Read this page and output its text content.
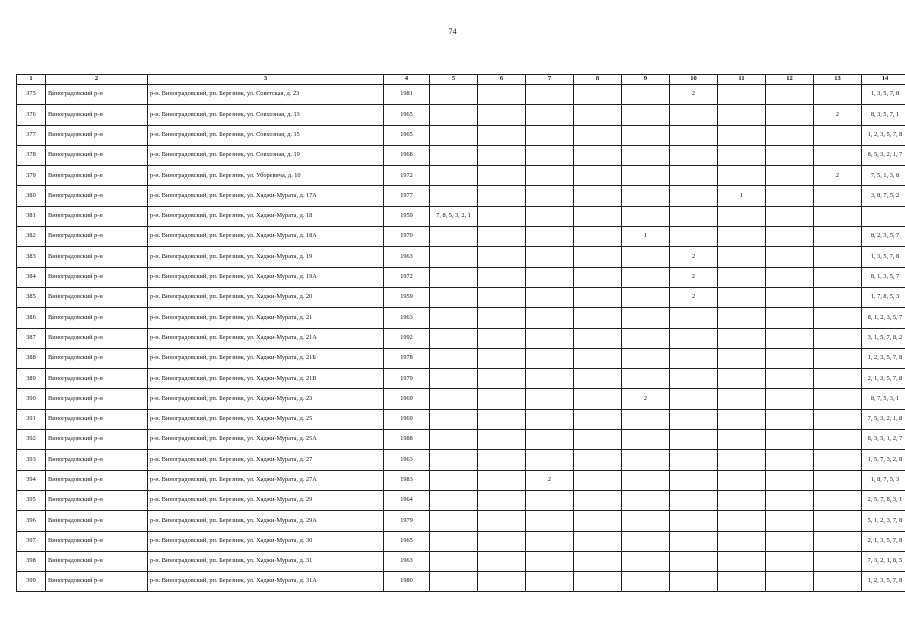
74
1	2	3	4	5	6	7	8	9	10	11	12	13	14
375	Виноградовский р-н	р-н. Виноградовский, рп. Березник, ул. Советская, д. 23	1981						2				1, 3, 5, 7, 8
376	Виноградовский р-н	р-н. Виноградовский, рп. Березник, ул. Совхозная, д. 13	1965									2	8, 3, 5, 7, 1
377	Виноградовский р-н	р-н. Виноградовский, рп. Березник, ул. Совхозная, д. 15	1965										1, 2, 3, 5, 7, 8
378	Виноградовский р-н	р-н. Виноградовский, рп. Березник, ул. Совхозная, д. 19	1968										8, 5, 3, 2, 1, 7
379	Виноградовский р-н	р-н. Виноградовский, рп. Березник, ул. Уборевича, д. 10	1972									2	7, 5, 1, 3, 8
380	Виноградовский р-н	р-н. Виноградовский, рп. Березник, ул. Хаджи-Мурата, д. 17А	1977							1			3, 8, 7, 5, 2
381	Виноградовский р-н	р-н. Виноградовский, рп. Березник, ул. Хаджи-Мурата, д. 18	1959	7, 8, 5, 3, 2, 1									
382	Виноградовский р-н	р-н. Виноградовский, рп. Березник, ул. Хаджи-Мурата, д. 18А	1970					1					8, 2, 3, 5, 7
383	Виноградовский р-н	р-н. Виноградовский, рп. Березник, ул. Хаджи-Мурата, д. 19	1963						2				1, 3, 5, 7, 8
384	Виноградовский р-н	р-н. Виноградовский, рп. Березник, ул. Хаджи-Мурата, д. 19А	1972						2				8, 1, 3, 5, 7
385	Виноградовский р-н	р-н. Виноградовский, рп. Березник, ул. Хаджи-Мурата, д. 20	1959						2				1, 7, 8, 5, 3
386	Виноградовский р-н	р-н. Виноградовский, рп. Березник, ул. Хаджи-Мурата, д. 21	1963										8, 1, 2, 3, 5, 7
387	Виноградовский р-н	р-н. Виноградовский, рп. Березник, ул. Хаджи-Мурата, д. 21А	1992										3, 1, 5, 7, 8, 2
388	Виноградовский р-н	р-н. Виноградовский, рп. Березник, ул. Хаджи-Мурата, д. 21Б	1978										1, 2, 3, 5, 7, 8
389	Виноградовский р-н	р-н. Виноградовский, рп. Березник, ул. Хаджи-Мурата, д. 21В	1979										2, 1, 3, 5, 7, 8
390	Виноградовский р-н	р-н. Виноградовский, рп. Березник, ул. Хаджи-Мурата, д. 23	1969					2					8, 7, 5, 3, 1
391	Виноградовский р-н	р-н. Виноградовский, рп. Березник, ул. Хаджи-Мурата, д. 25	1969										7, 5, 3, 2, 1, 8
392	Виноградовский р-н	р-н. Виноградовский, рп. Березник, ул. Хаджи-Мурата, д. 25А	1988										8, 3, 5, 1, 2, 7
393	Виноградовский р-н	р-н. Виноградовский, рп. Березник, ул. Хаджи-Мурата, д. 27	1963										1, 5, 7, 3, 2, 8
394	Виноградовский р-н	р-н. Виноградовский, рп. Березник, ул. Хаджи-Мурата, д. 27А	1983			2							1, 8, 7, 5, 3
395	Виноградовский р-н	р-н. Виноградовский, рп. Березник, ул. Хаджи-Мурата, д. 29	1964										2, 5, 7, 8, 3, 1
396	Виноградовский р-н	р-н. Виноградовский, рп. Березник, ул. Хаджи-Мурата, д. 29А	1979										5, 1, 2, 3, 7, 8
397	Виноградовский р-н	р-н. Виноградовский, рп. Березник, ул. Хаджи-Мурата, д. 30	1965										2, 1, 3, 5, 7, 8
398	Виноградовский р-н	р-н. Виноградовский, рп. Березник, ул. Хаджи-Мурата, д. 31	1963										7, 3, 2, 1, 8, 5
399	Виноградовский р-н	р-н. Виноградовский, рп. Березник, ул. Хаджи-Мурата, д. 31А	1980										1, 2, 3, 5, 7, 8
